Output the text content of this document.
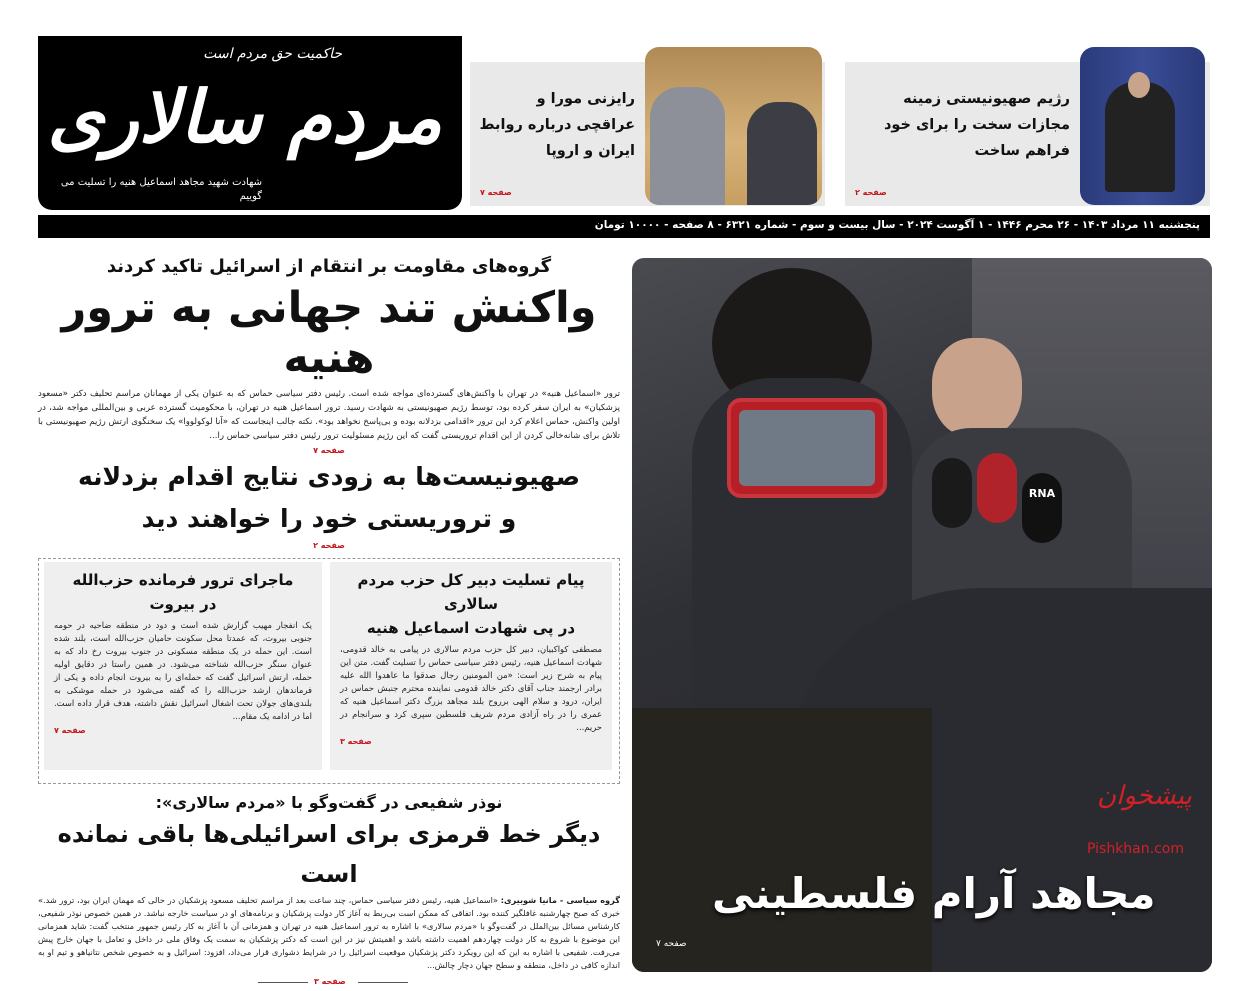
حاکمیت حق مردم است
مردم سالاری
شهادت شهید مجاهد اسماعیل هنیه را تسلیت می گوییم
رژیم صهیونیستی زمینه مجازات سخت را برای خود فراهم ساخت
صفحه ۲
رایزنی مورا و عراقچی درباره روابط ایران و اروپا
صفحه ۷
پنجشنبه ۱۱ مرداد ۱۴۰۳ - ۲۶ محرم ۱۴۴۶ - ۱ آگوست ۲۰۲۴ - سال بیست و سوم - شماره ۶۳۲۱ - ۸ صفحه - ۱۰۰۰۰ تومان
گروه‌های مقاومت بر انتقام از اسرائیل تاکید کردند
واکنش تند جهانی به ترور هنیه
ترور «اسماعیل هنیه» در تهران با واکنش‌های گسترده‌ای مواجه شده است. رئیس دفتر سیاسی حماس که به عنوان یکی از مهمانان مراسم تحلیف دکتر «مسعود پزشکیان» به ایران سفر کرده بود، توسط رژیم صهیونیستی به شهادت رسید. ترور اسماعیل هنیه در تهران، با محکومیت گسترده عربی و بین‌المللی مواجه شد، در اولین واکنش، حماس اعلام کرد این ترور «اقدامی بزدلانه بوده و بی‌پاسخ نخواهد بود». نکته جالب اینجاست که «آنا لوکولووا» یک سخنگوی ارتش رژیم صهیونیستی با تلاش برای شانه‌خالی کردن از این اقدام تروریستی گفت که این رژیم مسئولیت ترور رئیس دفتر سیاسی حماس را...
صفحه ۷
صهیونیست‌ها به زودی نتایج اقدام بزدلانه
و تروریستی خود را خواهند دید
صفحه ۲
پیام تسلیت دبیر کل حزب مردم سالاری
در پی شهادت اسماعیل هنیه
مصطفی کواکبیان، دبیر کل حزب مردم سالاری در پیامی به خالد قدومی، شهادت اسماعیل هنیه، رئیس دفتر سیاسی حماس را تسلیت گفت. متن این پیام به شرح زیر است: «من المومنین رجال صدقوا ما عاهدوا الله علیه برادر ارجمند جناب آقای دکتر خالد قدومی نماینده محترم جنبش حماس در ایران، درود و سلام الهی برروح بلند مجاهد بزرگ دکتر اسماعیل هنیه که عمری را در راه آزادی مردم شریف فلسطین سپری کرد و سرانجام در حریم...
صفحه ۳
ماجرای ترور فرمانده حزب‌الله
در بیروت
یک انفجار مهیب گزارش شده است و دود در منطقه ضاحیه در حومه جنوبی بیروت، که عمدتا محل سکونت حامیان حزب‌الله است، بلند شده است. این حمله در یک منطقه مسکونی در جنوب بیروت رخ داد که به عنوان سنگر حزب‌الله شناخته می‌شود. در همین راستا در دقایق اولیه حمله، ارتش اسرائیل گفت که حمله‌ای را به بیروت انجام داده و یکی از فرماندهان ارشد حزب‌الله را که گفته می‌شود در حمله موشکی به بلندی‌های جولان تحت اشغال اسرائیل نقش داشته، هدف قرار داده است. اما در ادامه یک مقام...
صفحه ۷
نوذر شفیعی در گفت‌وگو با «مردم سالاری»:
دیگر خط قرمزی برای اسرائیلی‌ها باقی نمانده است
گروه سیاسی - مانیا شوبیری: «اسماعیل هنیه، رئیس دفتر سیاسی حماس، چند ساعت بعد از مراسم تحلیف مسعود پزشکیان در حالی که مهمان ایران بود، ترور شد.» خبری که صبح چهارشنبه غافلگیر کننده بود. اتفاقی که ممکن است بی‌ربط به آغاز کار دولت پزشکیان و برنامه‌های او در سیاست خارجه نباشد. در همین خصوص نوذر شفیعی، کارشناس مسائل بین‌الملل در گفت‌وگو با «مردم سالاری» با اشاره به ترور اسماعیل هنیه در تهران و همزمانی آن با آغاز به کار رئیس جمهور منتخب گفت: شاید همزمانی این موضوع با شروع به کار دولت چهاردهم اهمیت داشته باشد و اهمیتش نیز در این است که دکتر پزشکیان به سمت یک وفاق ملی در داخل و تعامل با جهان خارج پیش می‌رفت. شفیعی با اشاره به این که این رویکرد دکتر پزشکیان موقعیت اسرائیل را در شرایط دشواری قرار می‌داد، افزود: اسرائیل و به خصوص شخص نتانیاهو و تیم او به اندازه کافی در داخل، منطقه و سطح جهان دچار چالش...
صفحه ۳
RNA
پیشخوان
Pishkhan.com
مجاهد آرام فلسطینی
صفحه ۷
